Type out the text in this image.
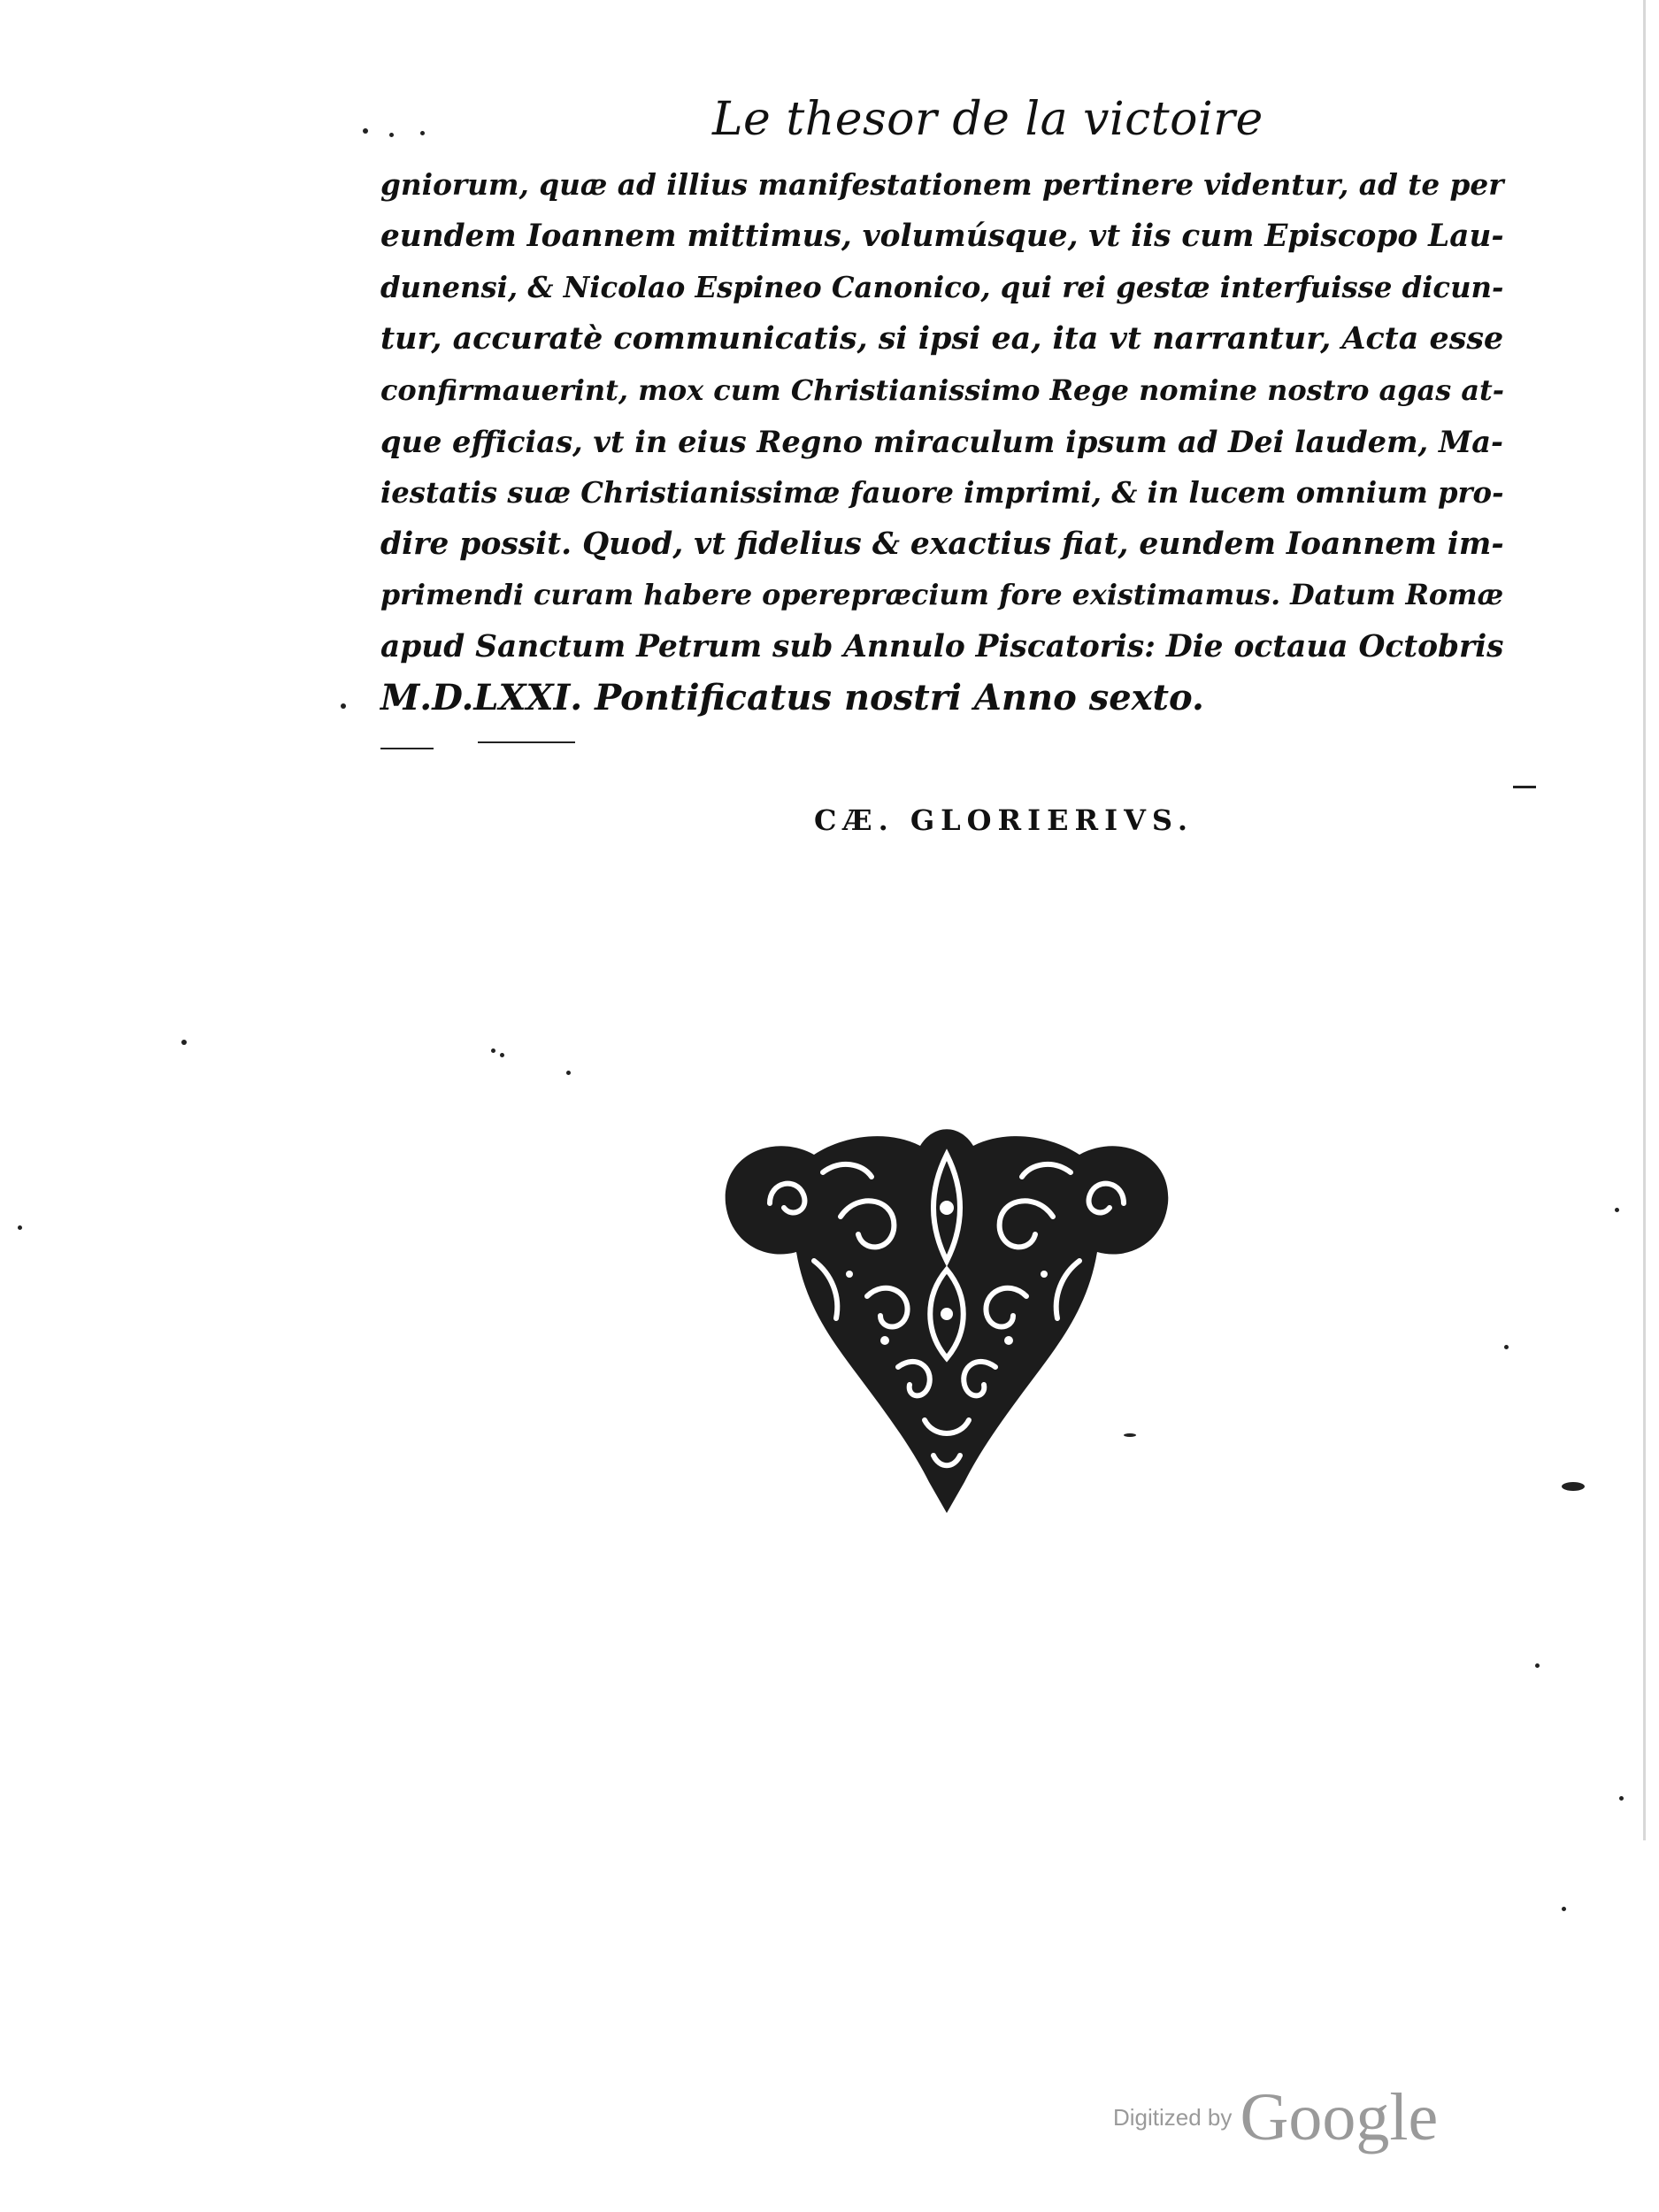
Le thesor de la victoire
gniorum, quæ ad illius manifestationem pertinere videntur, ad te per
eundem Ioannem mittimus, volumúsque, vt iis cum Episcopo Lau-
dunensi, & Nicolao Espineo Canonico, qui rei gestæ interfuisse dicun-
tur, accuratè communicatis, si ipsi ea, ita vt narrantur, Acta esse
confirmauerint, mox cum Christianissimo Rege nomine nostro agas at-
que efficias, vt in eius Regno miraculum ipsum ad Dei laudem, Ma-
iestatis suæ Christianissimæ fauore imprimi, & in lucem omnium pro-
dire possit. Quod, vt fidelius & exactius fiat, eundem Ioannem im-
primendi curam habere operepræcium fore existimamus. Datum Romæ
apud Sanctum Petrum sub Annulo Piscatoris: Die octaua Octobris
M.D.LXXI. Pontificatus nostri Anno sexto.
CÆ. GLORIERIVS.
Digitized by Google
